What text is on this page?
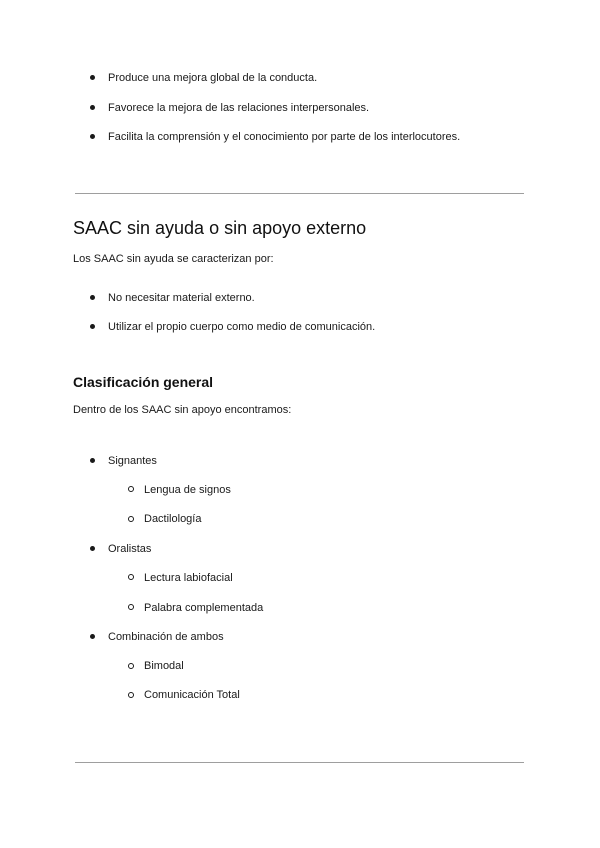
Produce una mejora global de la conducta.
Favorece la mejora de las relaciones interpersonales.
Facilita la comprensión y el conocimiento por parte de los interlocutores.
SAAC sin ayuda o sin apoyo externo
Los SAAC sin ayuda se caracterizan por:
No necesitar material externo.
Utilizar el propio cuerpo como medio de comunicación.
Clasificación general
Dentro de los SAAC sin apoyo encontramos:
Signantes
Lengua de signos
Dactilología
Oralistas
Lectura labiofacial
Palabra complementada
Combinación de ambos
Bimodal
Comunicación Total
